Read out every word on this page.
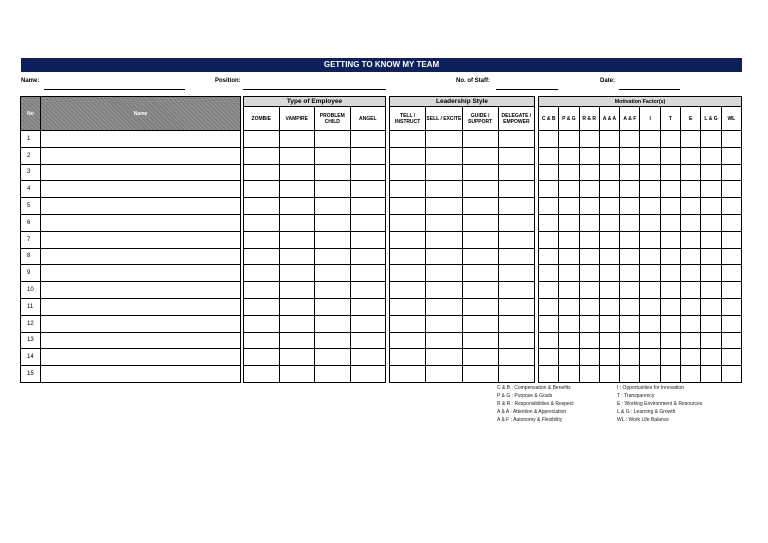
GETTING TO KNOW MY TEAM
Name:	Position:	No. of Staff:	Date:
No	Name

1	
2	
3	
4	
5	
6	
7	
8	
9	
10	
11	
12	
13	
14	
15	
Type of Employee			
ZOMBIE	VAMPIRE	PROBLEM CHILD	ANGEL

Leadership Style			
TELL / INSTRUCT	SELL / EXCITE	GUIDE / SUPPORT	DELEGATE / EMPOWER

Motivation Factor(s)									
C & B	P & G	R & R	A & A	A & F	I	T	E	L & G	WL

C & B : Compensation & Benefits
P & G : Purpose & Goals
R & R : Responsibilities & Respect
A & A : Attention & Appreciation
A & F : Autonomy & Flexibility
I : Opportunities for Innovation
T : Transparency
E : Working Environment & Resources
L & G : Learning & Growth
WL : Work Life Balance
